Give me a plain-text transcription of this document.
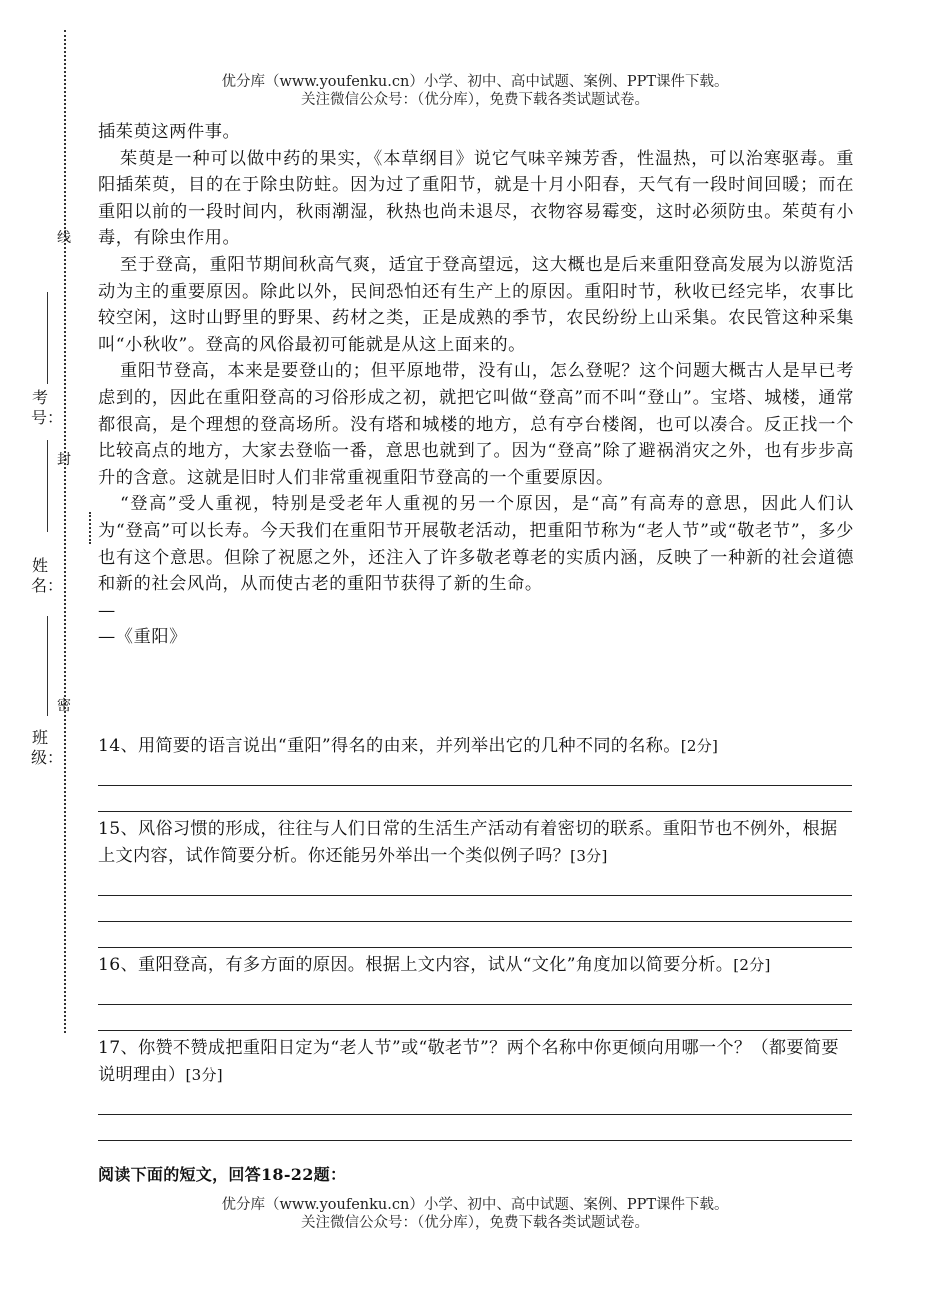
优分库（www.youfenku.cn）小学、初中、高中试题、案例、PPT课件下载。
关注微信公众号：（优分库），免费下载各类试题试卷。
考号：
线
封
姓名：
密
班级：

插茱萸这两件事。

茱萸是一种可以做中药的果实，《本草纲目》说它气味辛辣芳香，性温热，可以治寒驱毒。重阳插茱萸，目的在于除虫防蛀。因为过了重阳节，就是十月小阳春，天气有一段时间回暖；而在重阳以前的一段时间内，秋雨潮湿，秋热也尚未退尽，衣物容易霉变，这时必须防虫。茱萸有小毒，有除虫作用。

至于登高，重阳节期间秋高气爽，适宜于登高望远，这大概也是后来重阳登高发展为以游览活动为主的重要原因。除此以外，民间恐怕还有生产上的原因。重阳时节，秋收已经完毕，农事比较空闲，这时山野里的野果、药材之类，正是成熟的季节，农民纷纷上山采集。农民管这种采集叫“小秋收”。登高的风俗最初可能就是从这上面来的。

重阳节登高，本来是要登山的；但平原地带，没有山，怎么登呢？这个问题大概古人是早已考虑到的，因此在重阳登高的习俗形成之初，就把它叫做“登高”而不叫“登山”。宝塔、城楼，通常都很高，是个理想的登高场所。没有塔和城楼的地方，总有亭台楼阁，也可以凑合。反正找一个比较高点的地方，大家去登临一番，意思也就到了。因为“登高”除了避祸消灾之外，也有步步高升的含意。这就是旧时人们非常重视重阳节登高的一个重要原因。

“登高”受人重视，特别是受老年人重视的另一个原因，是“高”有高寿的意思，因此人们认为“登高”可以长寿。今天我们在重阳节开展敬老活动，把重阳节称为“老人节”或“敬老节”，多少也有这个意思。但除了祝愿之外，还注入了许多敬老尊老的实质内涵，反映了一种新的社会道德和新的社会风尚，从而使古老的重阳节获得了新的生命。

—

—《重阳》

14、用简要的语言说出“重阳”得名的由来，并列举出它的几种不同的名称。[2分]

15、风俗习惯的形成，往往与人们日常的生活生产活动有着密切的联系。重阳节也不例外，根据上文内容，试作简要分析。你还能另外举出一个类似例子吗？[3分]

16、重阳登高，有多方面的原因。根据上文内容，试从“文化”角度加以简要分析。[2分]

17、你赞不赞成把重阳日定为“老人节”或“敬老节”？两个名称中你更倾向用哪一个？（都要简要说明理由）[3分]

阅读下面的短文，回答18-22题：
优分库（www.youfenku.cn）小学、初中、高中试题、案例、PPT课件下载。
关注微信公众号：（优分库），免费下载各类试题试卷。
